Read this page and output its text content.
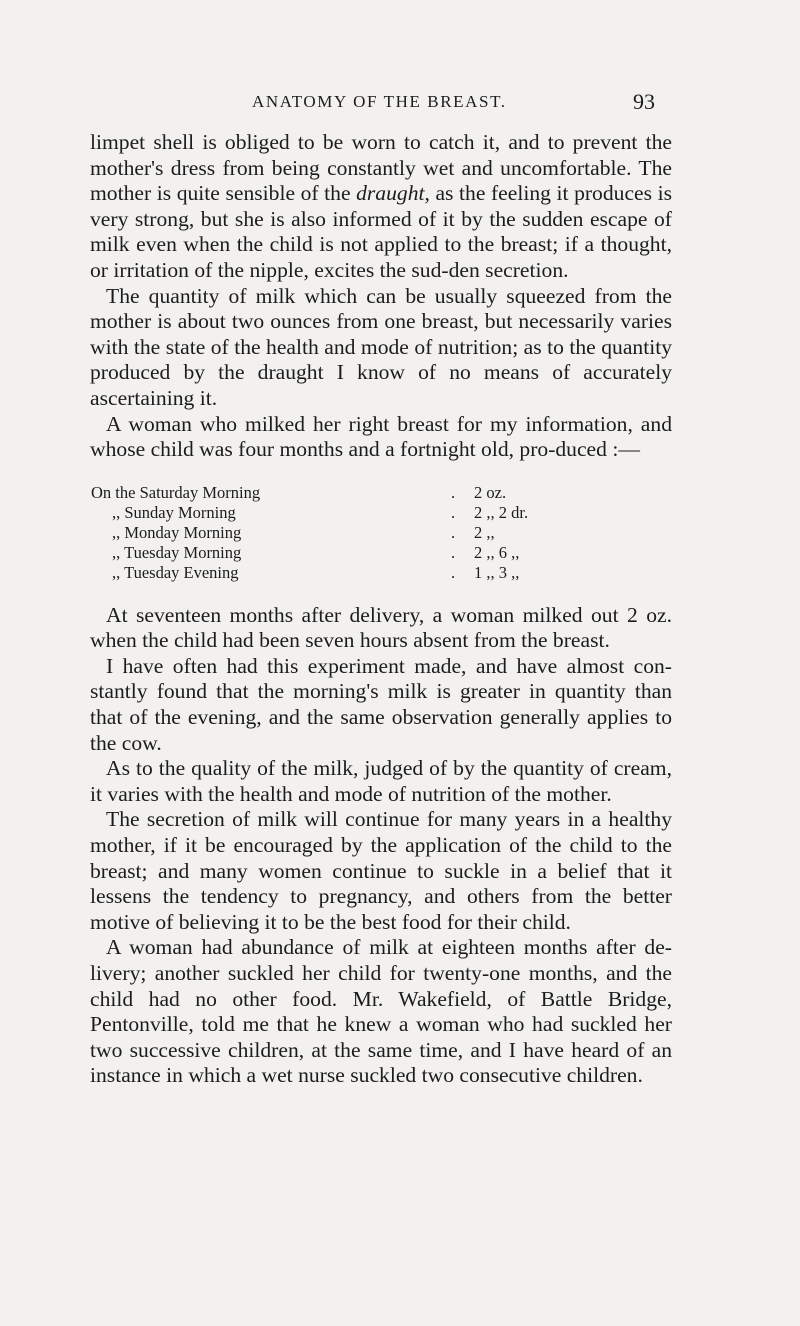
ANATOMY OF THE BREAST.	93

limpet shell is obliged to be worn to catch it, and to prevent the mother's dress from being constantly wet and uncomfortable. The mother is quite sensible of the draught, as the feeling it produces is very strong, but she is also informed of it by the sudden escape of milk even when the child is not applied to the breast; if a thought, or irritation of the nipple, excites the sud-den secretion.

The quantity of milk which can be usually squeezed from the mother is about two ounces from one breast, but necessarily varies with the state of the health and mode of nutrition; as to the quantity produced by the draught I know of no means of accurately ascertaining it.

A woman who milked her right breast for my information, and whose child was four months and a fortnight old, pro-duced :—

On the Saturday Morning	. 2 oz.
,, Sunday Morning	. 2 ,, 2 dr.
,, Monday Morning	. 2 ,,
,, Tuesday Morning	. 2 ,, 6 ,,
,, Tuesday Evening	. 1 ,, 3 ,,

At seventeen months after delivery, a woman milked out 2 oz. when the child had been seven hours absent from the breast.

I have often had this experiment made, and have almost con-stantly found that the morning's milk is greater in quantity than that of the evening, and the same observation generally applies to the cow.

As to the quality of the milk, judged of by the quantity of cream, it varies with the health and mode of nutrition of the mother.

The secretion of milk will continue for many years in a healthy mother, if it be encouraged by the application of the child to the breast; and many women continue to suckle in a belief that it lessens the tendency to pregnancy, and others from the better motive of believing it to be the best food for their child.

A woman had abundance of milk at eighteen months after de-livery; another suckled her child for twenty-one months, and the child had no other food. Mr. Wakefield, of Battle Bridge, Pentonville, told me that he knew a woman who had suckled her two successive children, at the same time, and I have heard of an instance in which a wet nurse suckled two consecutive children.
